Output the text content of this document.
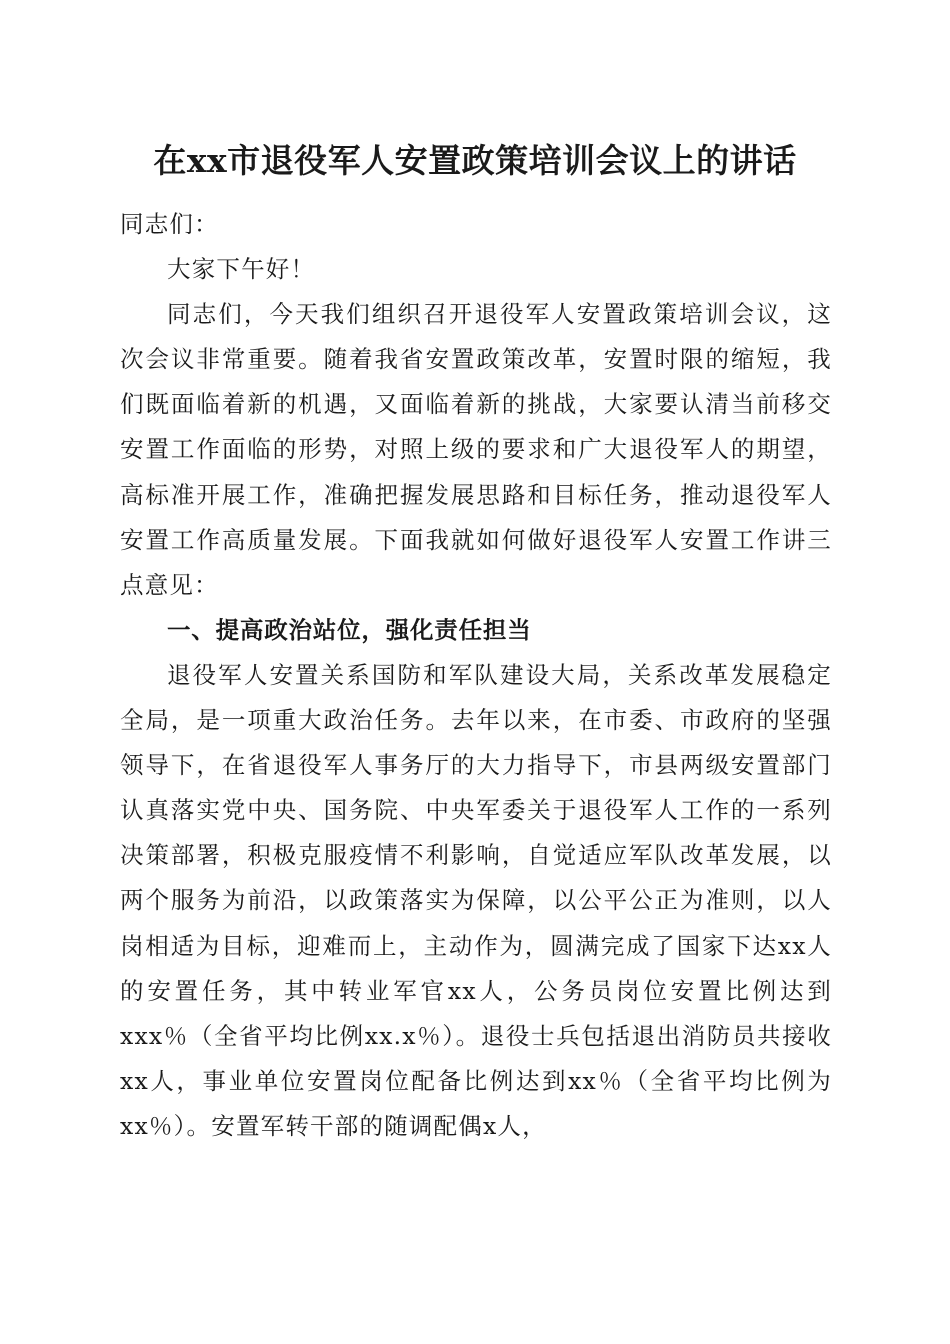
在xx市退役军人安置政策培训会议上的讲话

同志们：

大家下午好！

同志们，今天我们组织召开退役军人安置政策培训会议，这次会议非常重要。随着我省安置政策改革，安置时限的缩短，我们既面临着新的机遇，又面临着新的挑战，大家要认清当前移交安置工作面临的形势，对照上级的要求和广大退役军人的期望，高标准开展工作，准确把握发展思路和目标任务，推动退役军人安置工作高质量发展。下面我就如何做好退役军人安置工作讲三点意见：

一、提高政治站位，强化责任担当

退役军人安置关系国防和军队建设大局，关系改革发展稳定全局，是一项重大政治任务。去年以来，在市委、市政府的坚强领导下，在省退役军人事务厅的大力指导下，市县两级安置部门认真落实党中央、国务院、中央军委关于退役军人工作的一系列决策部署，积极克服疫情不利影响，自觉适应军队改革发展，以两个服务为前沿，以政策落实为保障，以公平公正为准则，以人岗相适为目标，迎难而上，主动作为，圆满完成了国家下达xx人的安置任务，其中转业军官xx人，公务员岗位安置比例达到xxx％（全省平均比例xx.x％）。退役士兵包括退出消防员共接收xx人，事业单位安置岗位配备比例达到xx％（全省平均比例为xx％）。安置军转干部的随调配偶x人，
